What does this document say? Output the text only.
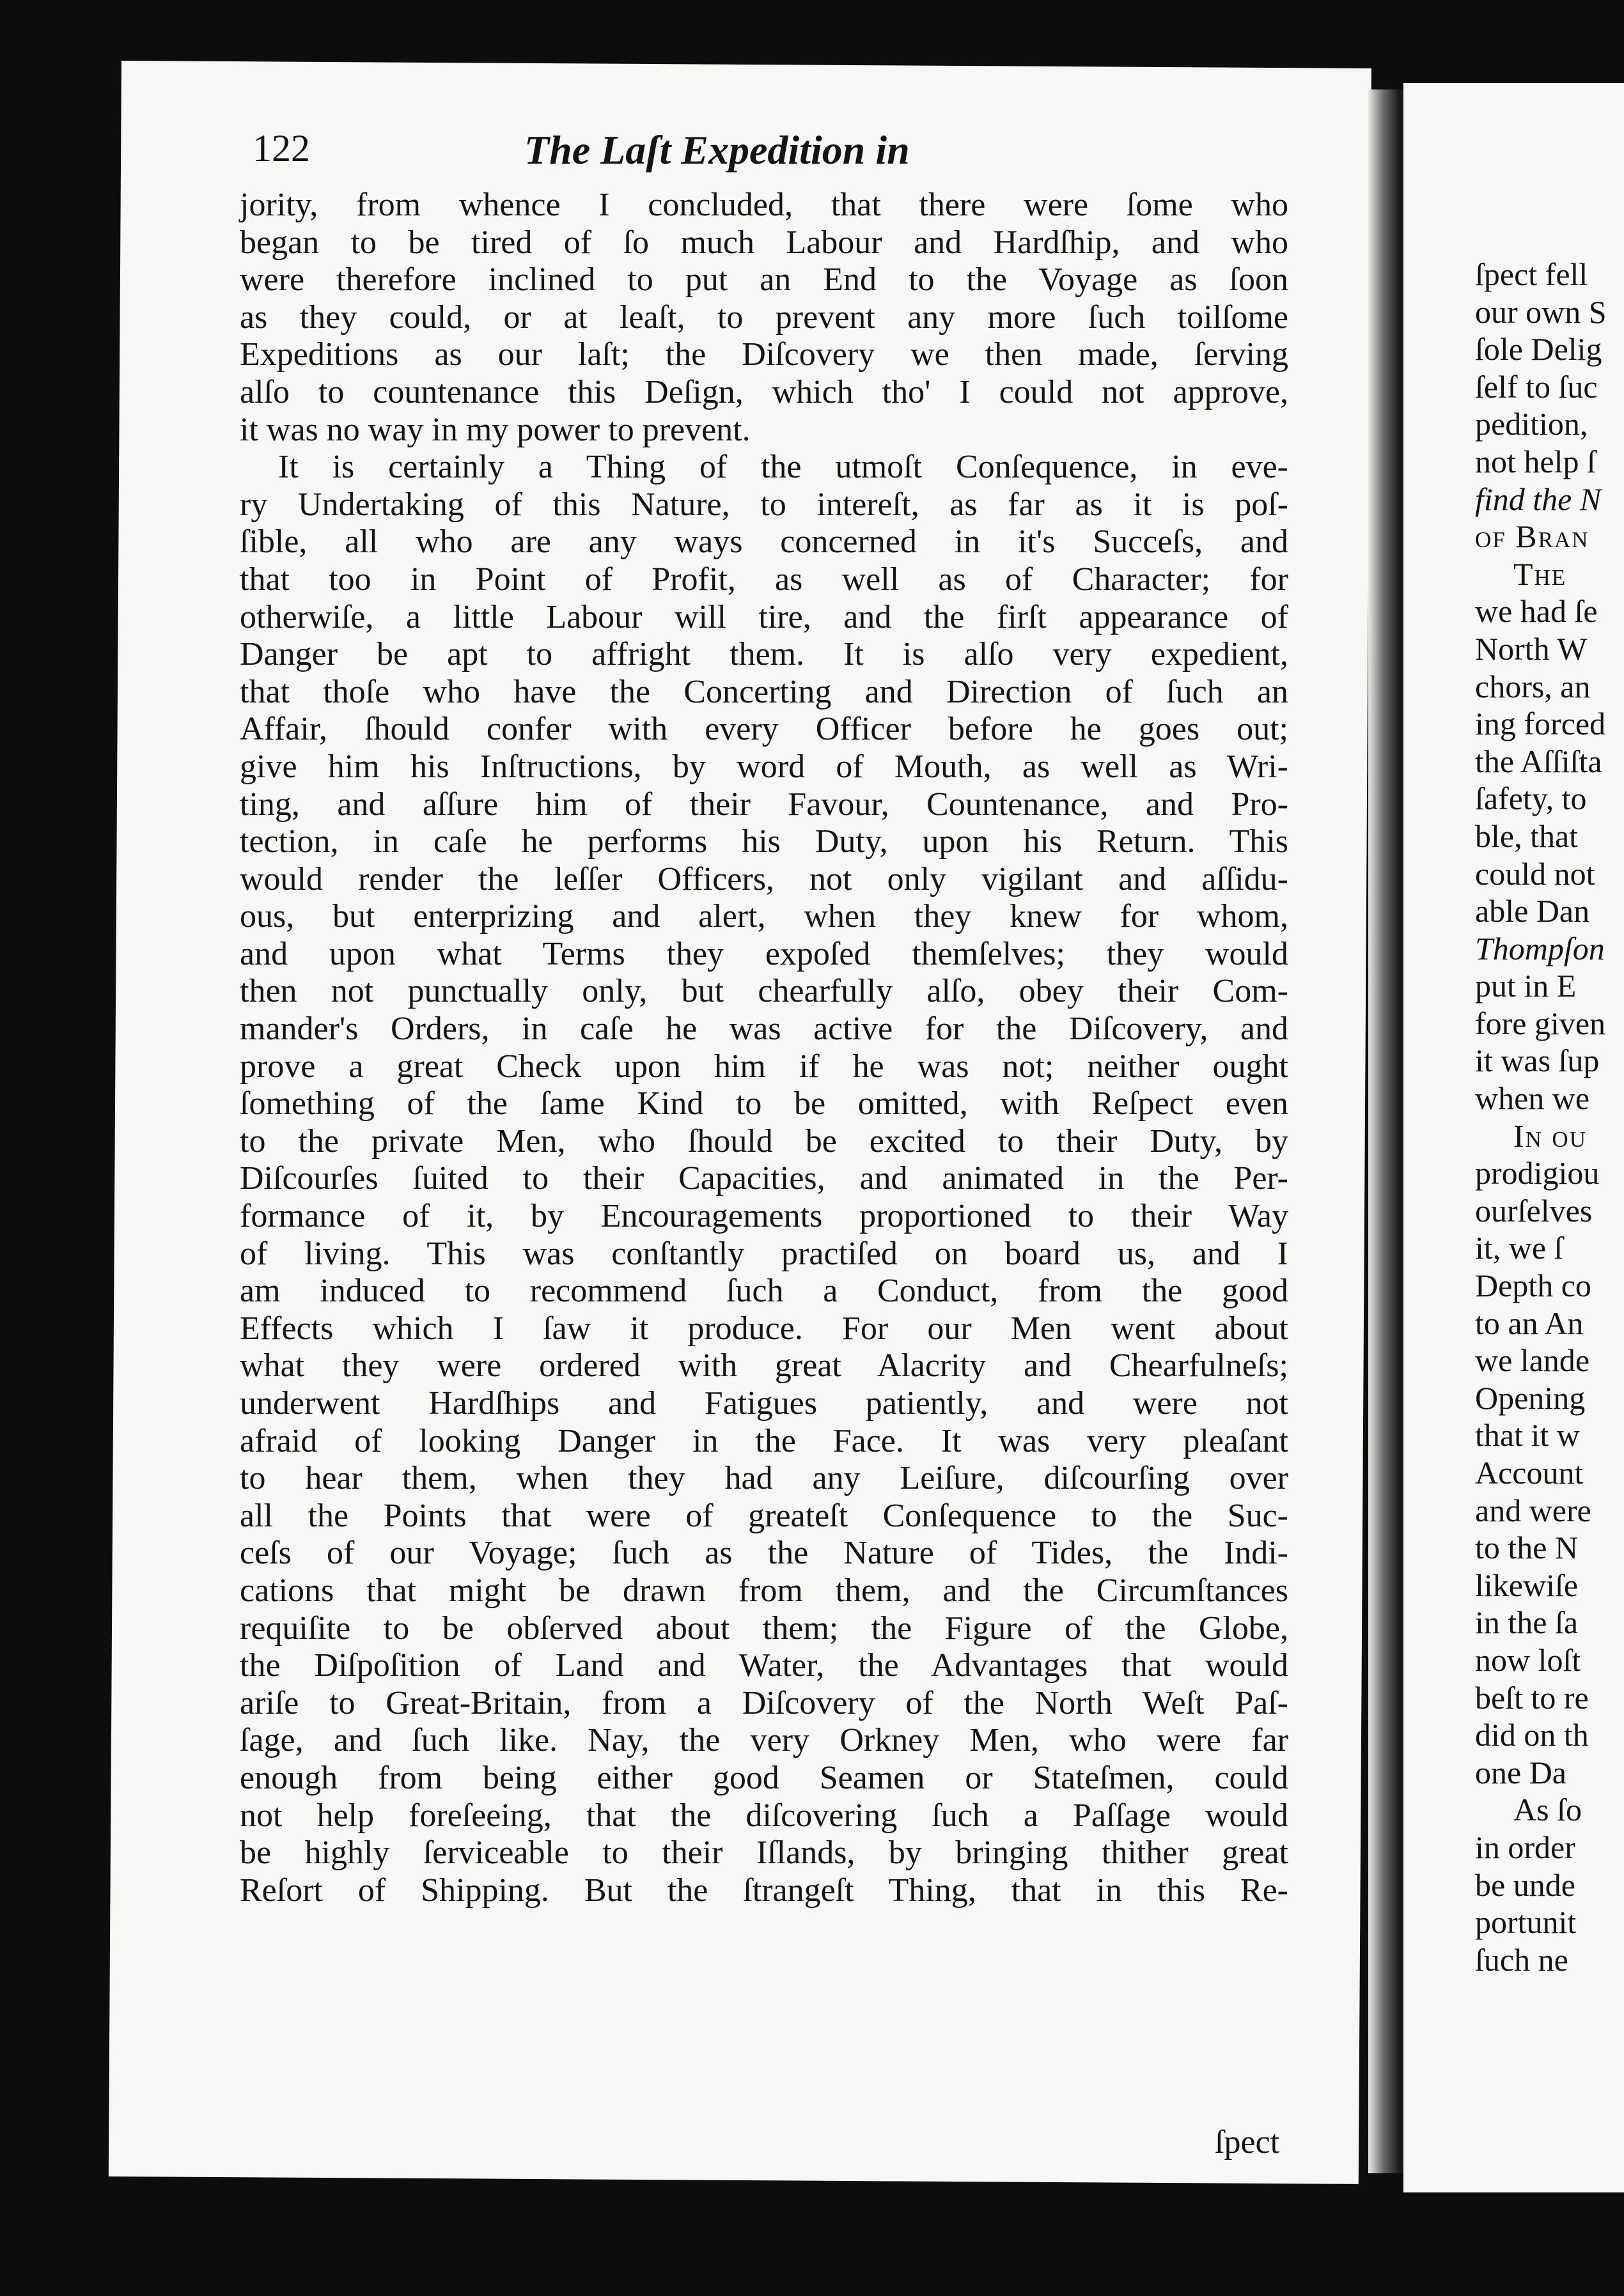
122	The Laſt Expedition in
jority, from whence I concluded, that there were ſome who
began to be tired of ſo much Labour and Hardſhip, and who
were therefore inclined to put an End to the Voyage as ſoon
as they could, or at leaſt, to prevent any more ſuch toilſome
Expeditions as our laſt; the Diſcovery we then made, ſerving
alſo to countenance this Deſign, which tho' I could not approve,
it was no way in my power to prevent.
It is certainly a Thing of the utmoſt Conſequence, in eve-
ry Undertaking of this Nature, to intereſt, as far as it is poſ-
ſible, all who are any ways concerned in it's Succeſs, and
that too in Point of Profit, as well as of Character; for
otherwiſe, a little Labour will tire, and the firſt appearance of
Danger be apt to affright them. It is alſo very expedient,
that thoſe who have the Concerting and Direction of ſuch an
Affair, ſhould confer with every Officer before he goes out;
give him his Inſtructions, by word of Mouth, as well as Wri-
ting, and aſſure him of their Favour, Countenance, and Pro-
tection, in caſe he performs his Duty, upon his Return. This
would render the leſſer Officers, not only vigilant and aſſidu-
ous, but enterprizing and alert, when they knew for whom,
and upon what Terms they expoſed themſelves; they would
then not punctually only, but chearfully alſo, obey their Com-
mander's Orders, in caſe he was active for the Diſcovery, and
prove a great Check upon him if he was not; neither ought
ſomething of the ſame Kind to be omitted, with Reſpect even
to the private Men, who ſhould be excited to their Duty, by
Diſcourſes ſuited to their Capacities, and animated in the Per-
formance of it, by Encouragements proportioned to their Way
of living. This was conſtantly practiſed on board us, and I
am induced to recommend ſuch a Conduct, from the good
Effects which I ſaw it produce. For our Men went about
what they were ordered with great Alacrity and Chearfulneſs;
underwent Hardſhips and Fatigues patiently, and were not
afraid of looking Danger in the Face. It was very pleaſant
to hear them, when they had any Leiſure, diſcourſing over
all the Points that were of greateſt Conſequence to the Suc-
ceſs of our Voyage; ſuch as the Nature of Tides, the Indi-
cations that might be drawn from them, and the Circumſtances
requiſite to be obſerved about them; the Figure of the Globe,
the Diſpoſition of Land and Water, the Advantages that would
ariſe to Great-Britain, from a Diſcovery of the North Weſt Paſ-
ſage, and ſuch like. Nay, the very Orkney Men, who were far
enough from being either good Seamen or Stateſmen, could
not help foreſeeing, that the diſcovering ſuch a Paſſage would
be highly ſerviceable to their Iſlands, by bringing thither great
Reſort of Shipping. But the ſtrangeſt Thing, that in this Re-
ſpect
ſpect fell
our own S
ſole Delig
ſelf to ſuc
pedition,
not help ſ
find the N
of Bran
The
we had ſe
North W
chors, an
ing forced
the Aſſiſta
ſafety, to
ble, that
could not
able Dan
Thompſon
put in E
fore given
it was ſup
when we
In ou
prodigiou
ourſelves
it, we ſ
Depth co
to an An
we lande
Opening
that it w
Account
and were
to the N
likewiſe
in the ſa
now loſt
beſt to re
did on th
one Da
As ſo
in order
be unde
portunit
ſuch ne
